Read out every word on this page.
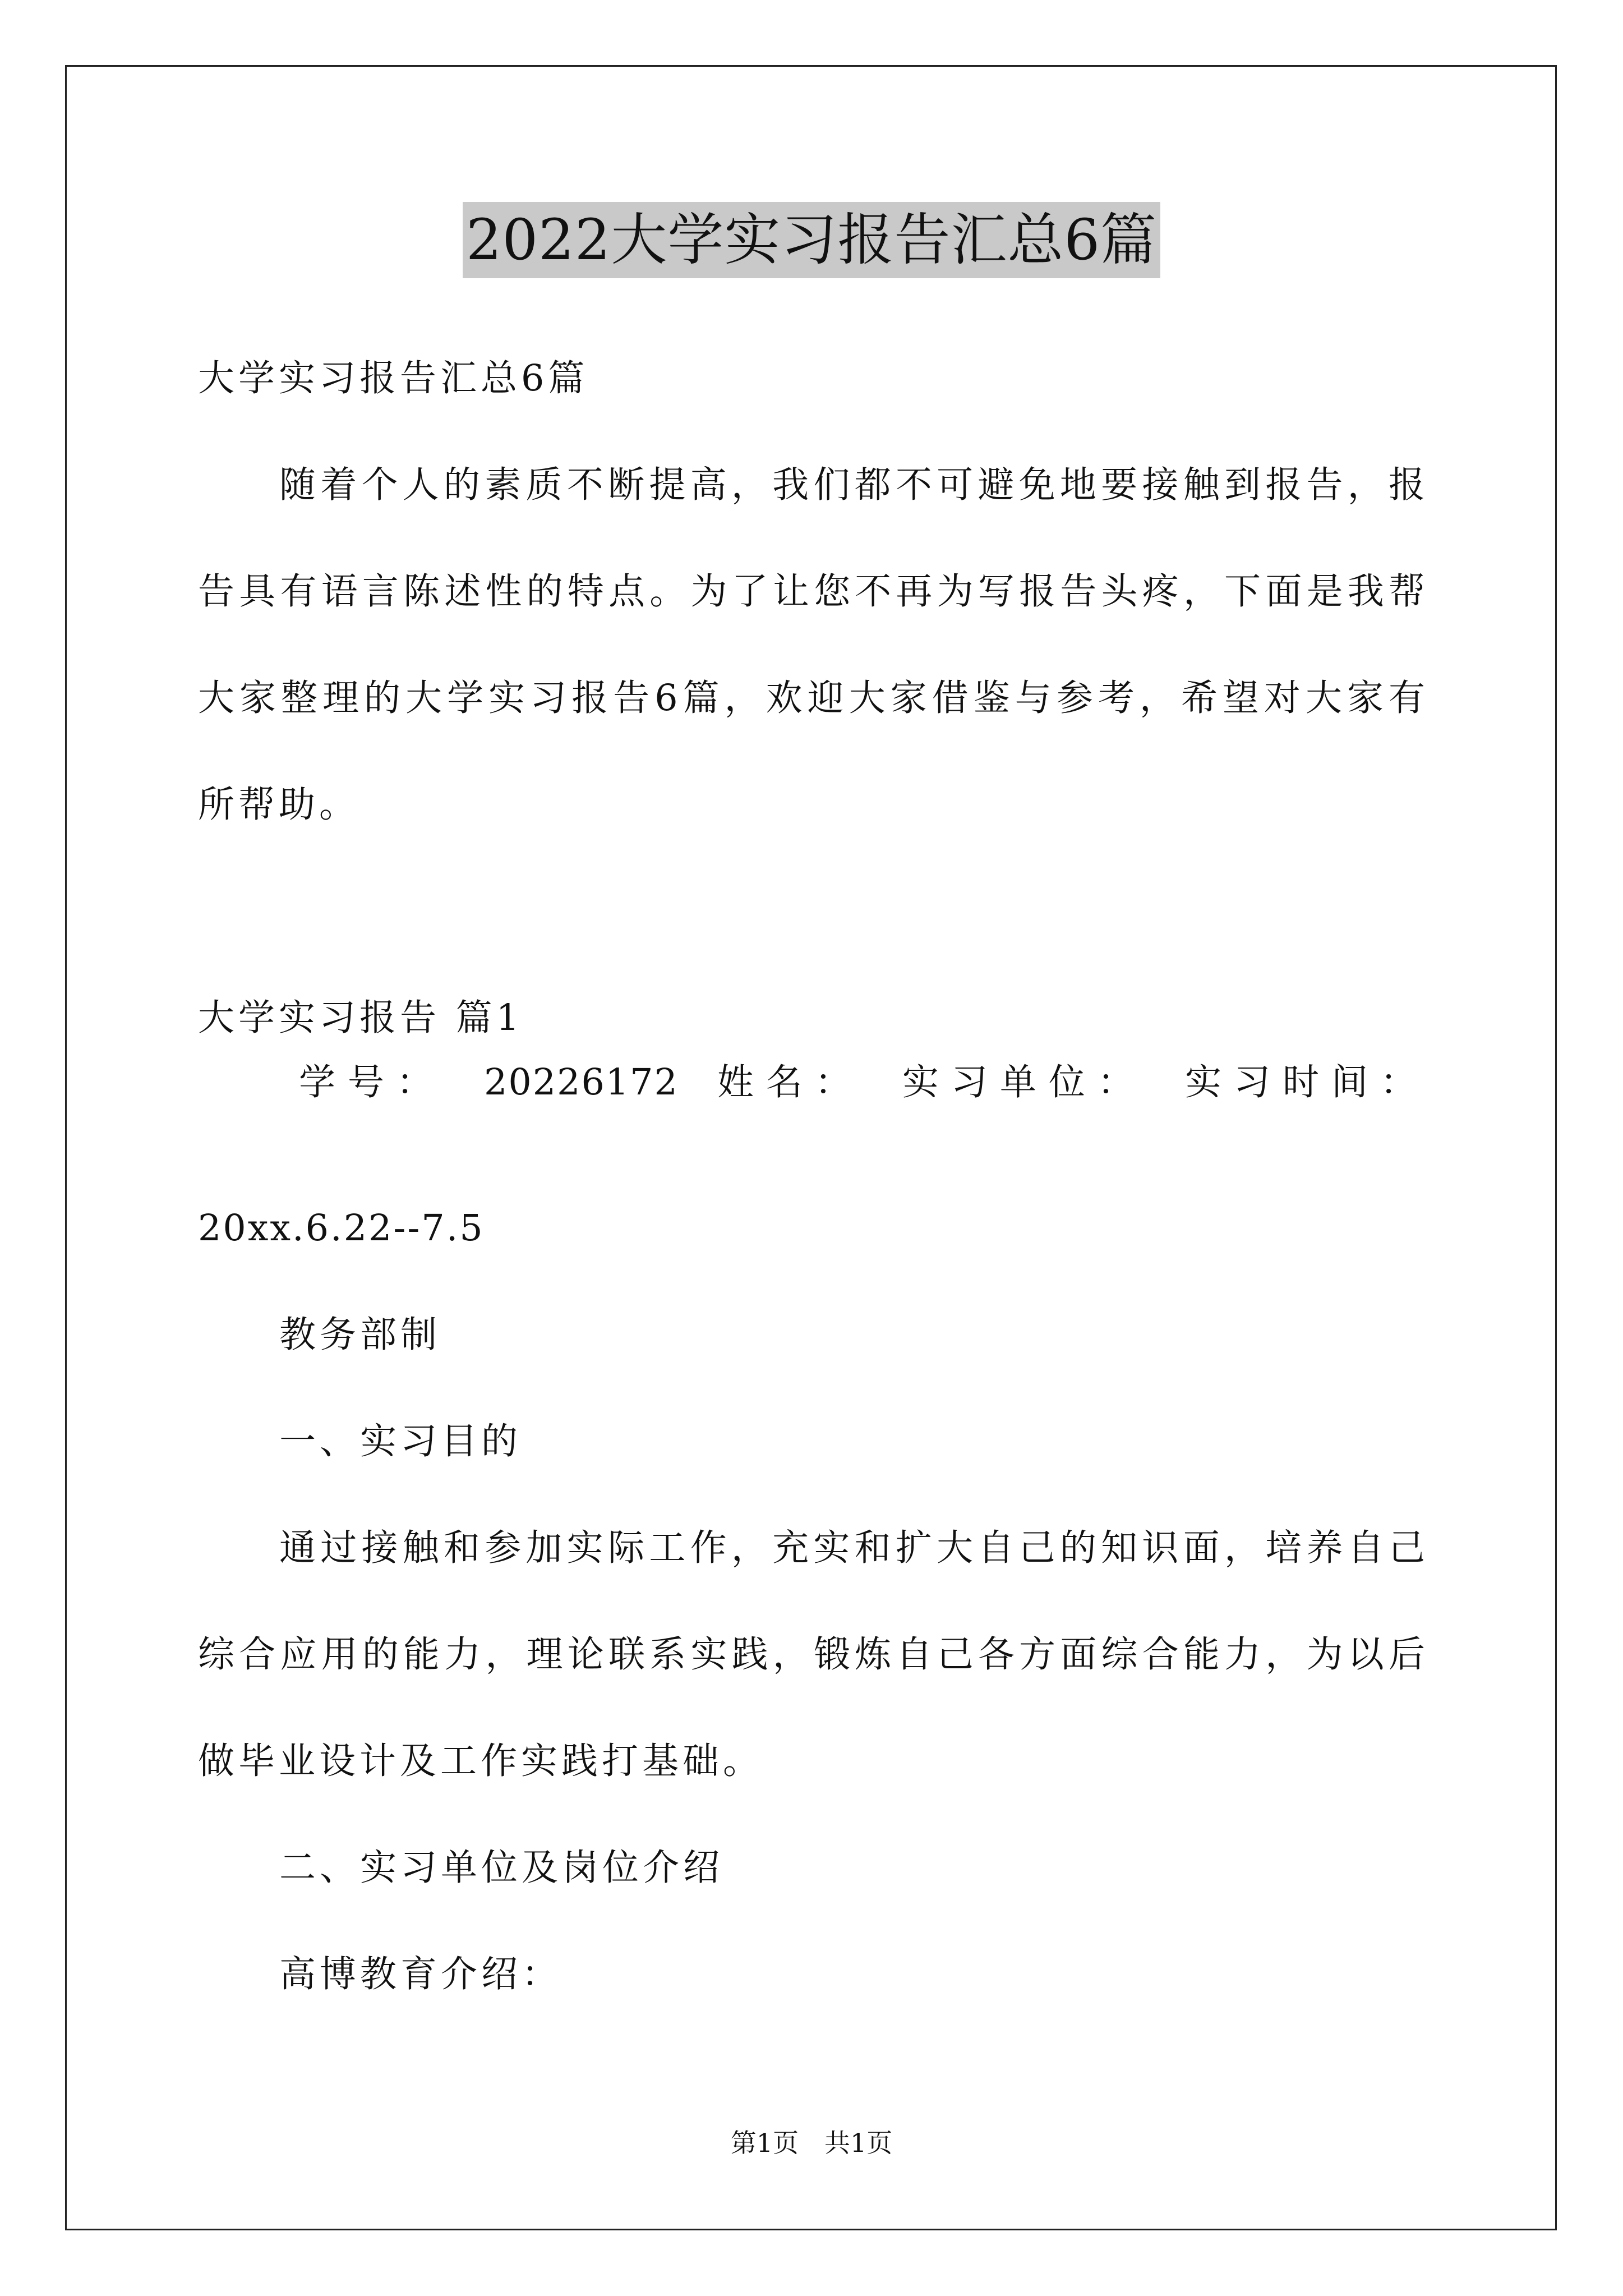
2022大学实习报告汇总6篇
大学实习报告汇总6篇

随着个人的素质不断提高，我们都不可避免地要接触到报告，报告具有语言陈述性的特点。为了让您不再为写报告头疼，下面是我帮大家整理的大学实习报告6篇，欢迎大家借鉴与参考，希望对大家有所帮助。

大学实习报告 篇1
学号： 20226172 姓名： 实习单位： 实习时间：
20xx.6.22--7.5
教务部制
一、实习目的

通过接触和参加实际工作，充实和扩大自己的知识面，培养自己综合应用的能力，理论联系实践，锻炼自己各方面综合能力，为以后做毕业设计及工作实践打基础。

二、实习单位及岗位介绍
高博教育介绍：
第1页　共1页
